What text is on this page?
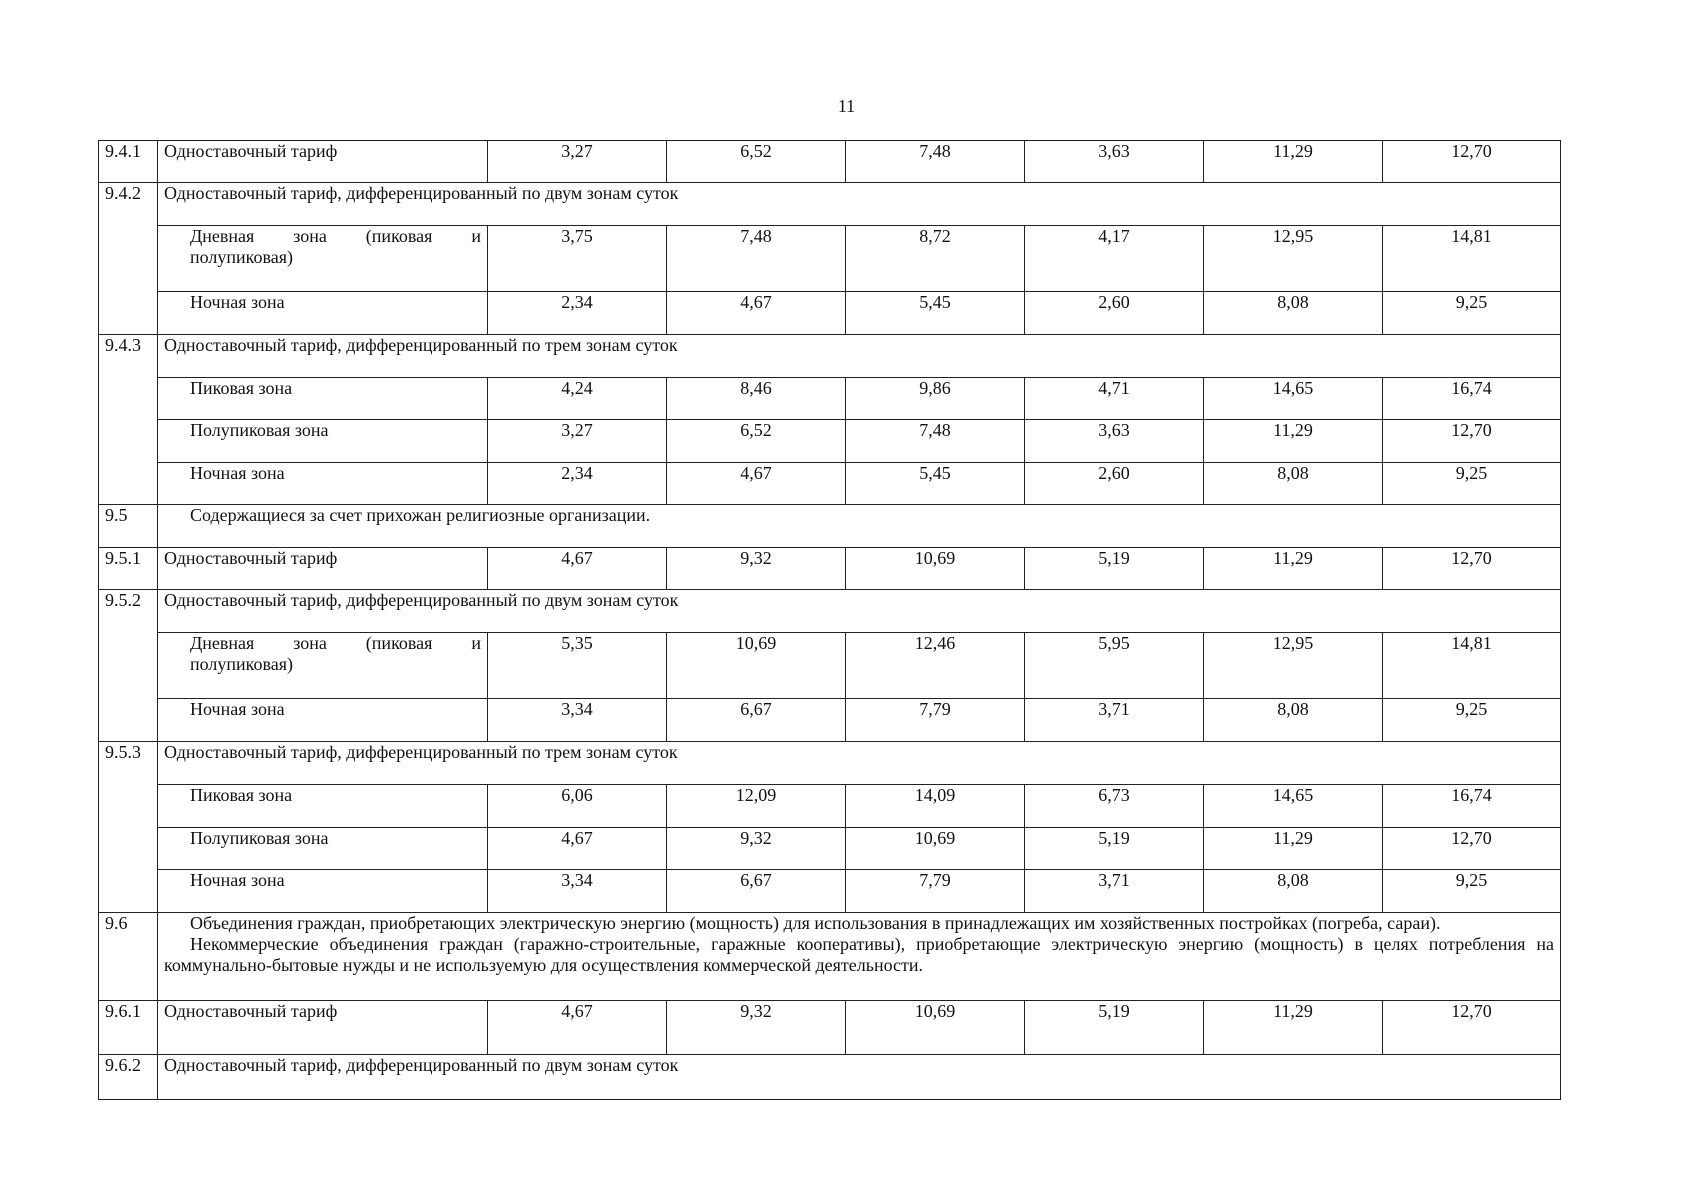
11
9.4.1	Одноставочный тариф	3,27	6,52	7,48	3,63	11,29	12,70
9.4.2	Одноставочный тариф, дифференцированный по двум зонам суток						
	Дневная зона (пиковая и полупиковая)	3,75	7,48	8,72	4,17	12,95	14,81
	Ночная зона	2,34	4,67	5,45	2,60	8,08	9,25
9.4.3	Одноставочный тариф, дифференцированный по трем зонам суток						
	Пиковая зона	4,24	8,46	9,86	4,71	14,65	16,74
	Полупиковая зона	3,27	6,52	7,48	3,63	11,29	12,70
	Ночная зона	2,34	4,67	5,45	2,60	8,08	9,25
9.5	Содержащиеся за счет прихожан религиозные организации.						
9.5.1	Одноставочный тариф	4,67	9,32	10,69	5,19	11,29	12,70
9.5.2	Одноставочный тариф, дифференцированный по двум зонам суток						
	Дневная зона (пиковая и полупиковая)	5,35	10,69	12,46	5,95	12,95	14,81
	Ночная зона	3,34	6,67	7,79	3,71	8,08	9,25
9.5.3	Одноставочный тариф, дифференцированный по трем зонам суток						
	Пиковая зона	6,06	12,09	14,09	6,73	14,65	16,74
	Полупиковая зона	4,67	9,32	10,69	5,19	11,29	12,70
	Ночная зона	3,34	6,67	7,79	3,71	8,08	9,25
9.6	Объединения граждан, приобретающих электрическую энергию (мощность) для использования в принадлежащих им хозяйственных постройках (погреба, сараи).
Некоммерческие объединения граждан (гаражно-строительные, гаражные кооперативы), приобретающие электрическую энергию (мощность) в целях потребления на коммунально-бытовые нужды и не используемую для осуществления коммерческой деятельности.						

9.6.1	Одноставочный тариф	4,67	9,32	10,69	5,19	11,29	12,70
9.6.2	Одноставочный тариф, дифференцированный по двум зонам суток						
